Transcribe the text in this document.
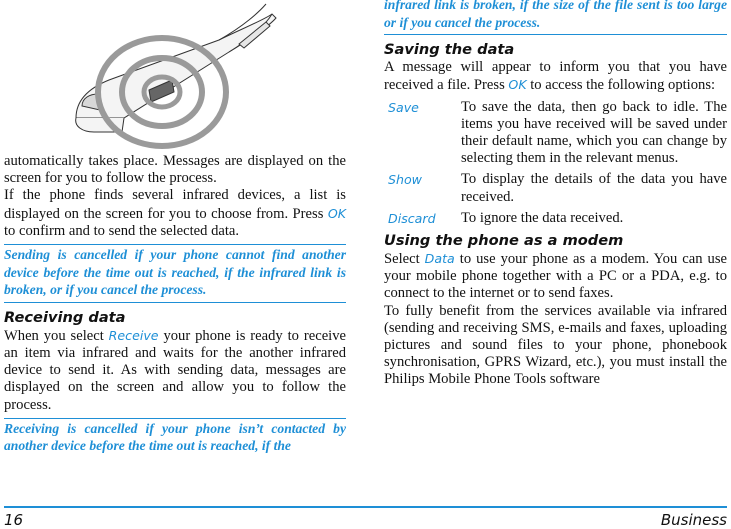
automatically takes place. Messages are displayed on the screen for you to follow the process.

If the phone finds several infrared devices, a list is displayed on the screen for you to choose from. Press OK to confirm and to send the selected data.

Sending is cancelled if your phone cannot find another device before the time out is reached, if the infrared link is broken, or if you cancel the process.
Receiving data

When you select Receive your phone is ready to receive an item via infrared and waits for the another infrared device to send it. As with sending data, messages are displayed on the screen and allow you to follow the process.

Receiving is cancelled if your phone isn’t contacted by another device before the time out is reached, if the
infrared link is broken, if the size of the file sent is too large or if you cancel the process.
Saving the data

A message will appear to inform you that you have received a file. Press OK to access the following options:

Save	To save the data, then go back to idle. The items you have received will be saved under their default name, which you can change by selecting them in the relevant menus.
Show	To display the details of the data you have received.
Discard	To ignore the data received.
Using the phone as a modem

Select Data to use your phone as a modem. You can use your mobile phone together with a PC or a PDA, e.g. to connect to the internet or to send faxes.

To fully benefit from the services available via infrared (sending and receiving SMS, e-mails and faxes, uploading pictures and sound files to your phone, phonebook synchronisation, GPRS Wizard, etc.), you must install the Philips Mobile Phone Tools software

16	Business
